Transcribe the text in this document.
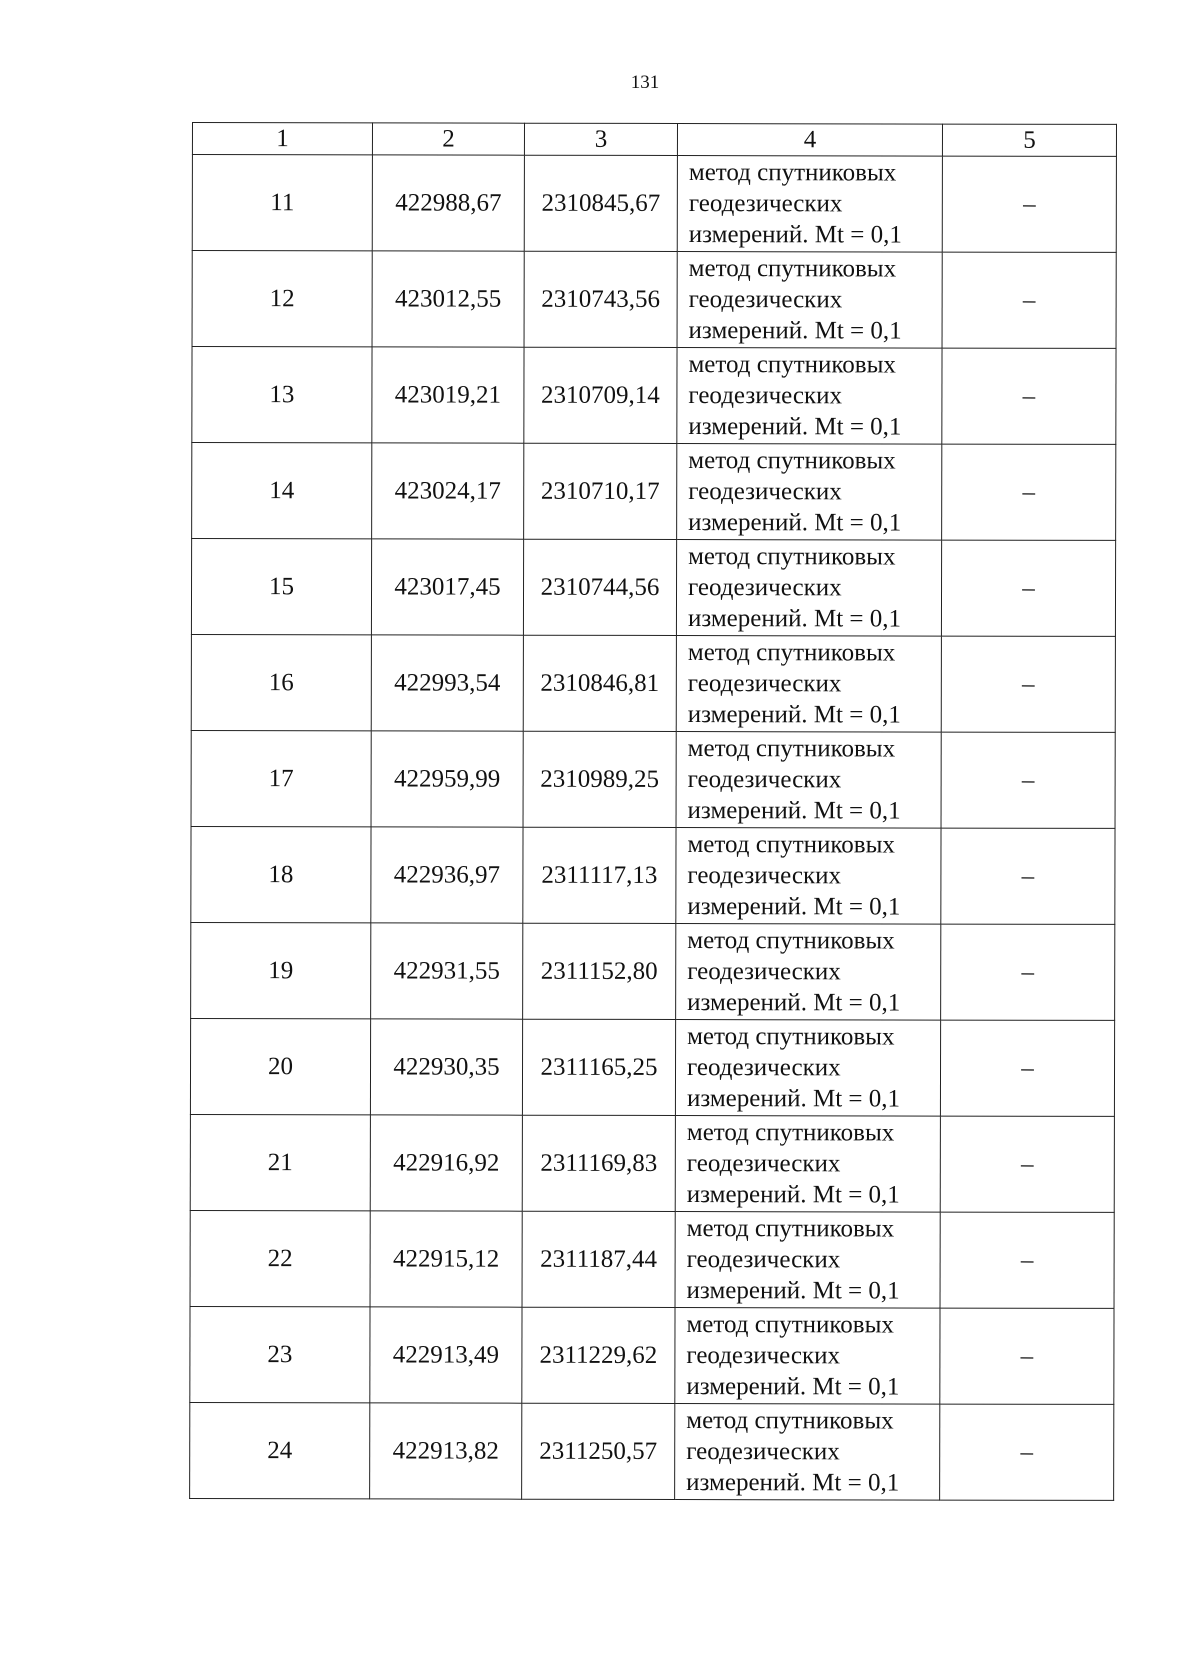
131
1	2	3	4	5
11	422988,67	2310845,67	метод спутниковых
геодезических
измерений. Mt = 0,1	–
12	423012,55	2310743,56	метод спутниковых
геодезических
измерений. Mt = 0,1	–
13	423019,21	2310709,14	метод спутниковых
геодезических
измерений. Mt = 0,1	–
14	423024,17	2310710,17	метод спутниковых
геодезических
измерений. Mt = 0,1	–
15	423017,45	2310744,56	метод спутниковых
геодезических
измерений. Mt = 0,1	–
16	422993,54	2310846,81	метод спутниковых
геодезических
измерений. Mt = 0,1	–
17	422959,99	2310989,25	метод спутниковых
геодезических
измерений. Mt = 0,1	–
18	422936,97	2311117,13	метод спутниковых
геодезических
измерений. Mt = 0,1	–
19	422931,55	2311152,80	метод спутниковых
геодезических
измерений. Mt = 0,1	–
20	422930,35	2311165,25	метод спутниковых
геодезических
измерений. Mt = 0,1	–
21	422916,92	2311169,83	метод спутниковых
геодезических
измерений. Mt = 0,1	–
22	422915,12	2311187,44	метод спутниковых
геодезических
измерений. Mt = 0,1	–
23	422913,49	2311229,62	метод спутниковых
геодезических
измерений. Mt = 0,1	–
24	422913,82	2311250,57	метод спутниковых
геодезических
измерений. Mt = 0,1	–
